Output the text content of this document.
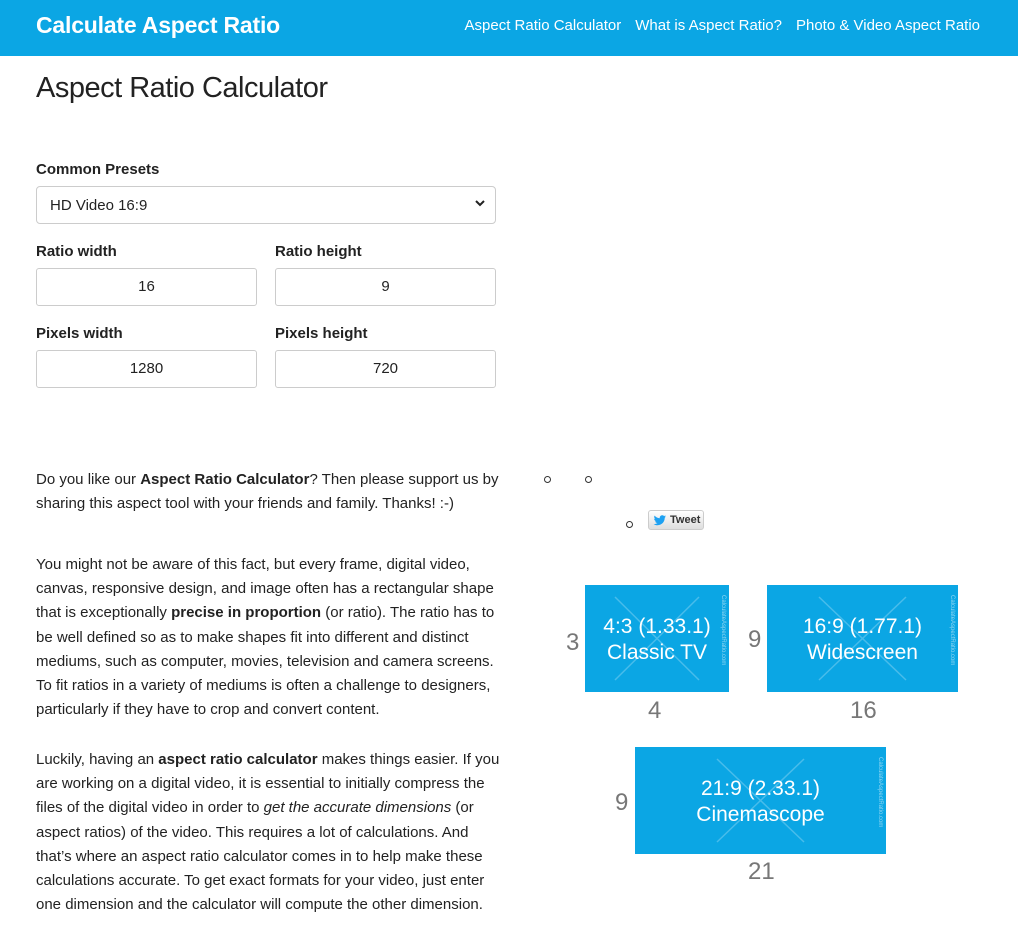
Calculate Aspect Ratio	Aspect Ratio Calculator What is Aspect Ratio? Photo & Video Aspect Ratio
Aspect Ratio Calculator
Common Presets
HD Video 16:9
Ratio width	Ratio height
16	9
Pixels width	Pixels height
1280	720

Do you like our Aspect Ratio Calculator? Then please support us by sharing this aspect tool with your friends and family. Thanks! :-)

Tweet

You might not be aware of this fact, but every frame, digital video, canvas, responsive design, and image often has a rectangular shape that is exceptionally precise in proportion (or ratio). The ratio has to be well defined so as to make shapes fit into different and distinct mediums, such as computer, movies, television and camera screens. To fit ratios in a variety of mediums is often a challenge to designers, particularly if they have to crop and convert content.

Luckily, having an aspect ratio calculator makes things easier. If you are working on a digital video, it is essential to initially compress the files of the digital video in order to get the accurate dimensions (or aspect ratios) of the video. This requires a lot of calculations. And that’s where an aspect ratio calculator comes in to help make these calculations accurate. To get exact formats for your video, just enter one dimension and the calculator will compute the other dimension.

4:3 (1.33.1)
Classic TV	CalculateAspectRatio.com
3
4
16:9 (1.77.1)
Widescreen	CalculateAspectRatio.com
9
16
21:9 (2.33.1)
Cinemascope	CalculateAspectRatio.com
9
21
